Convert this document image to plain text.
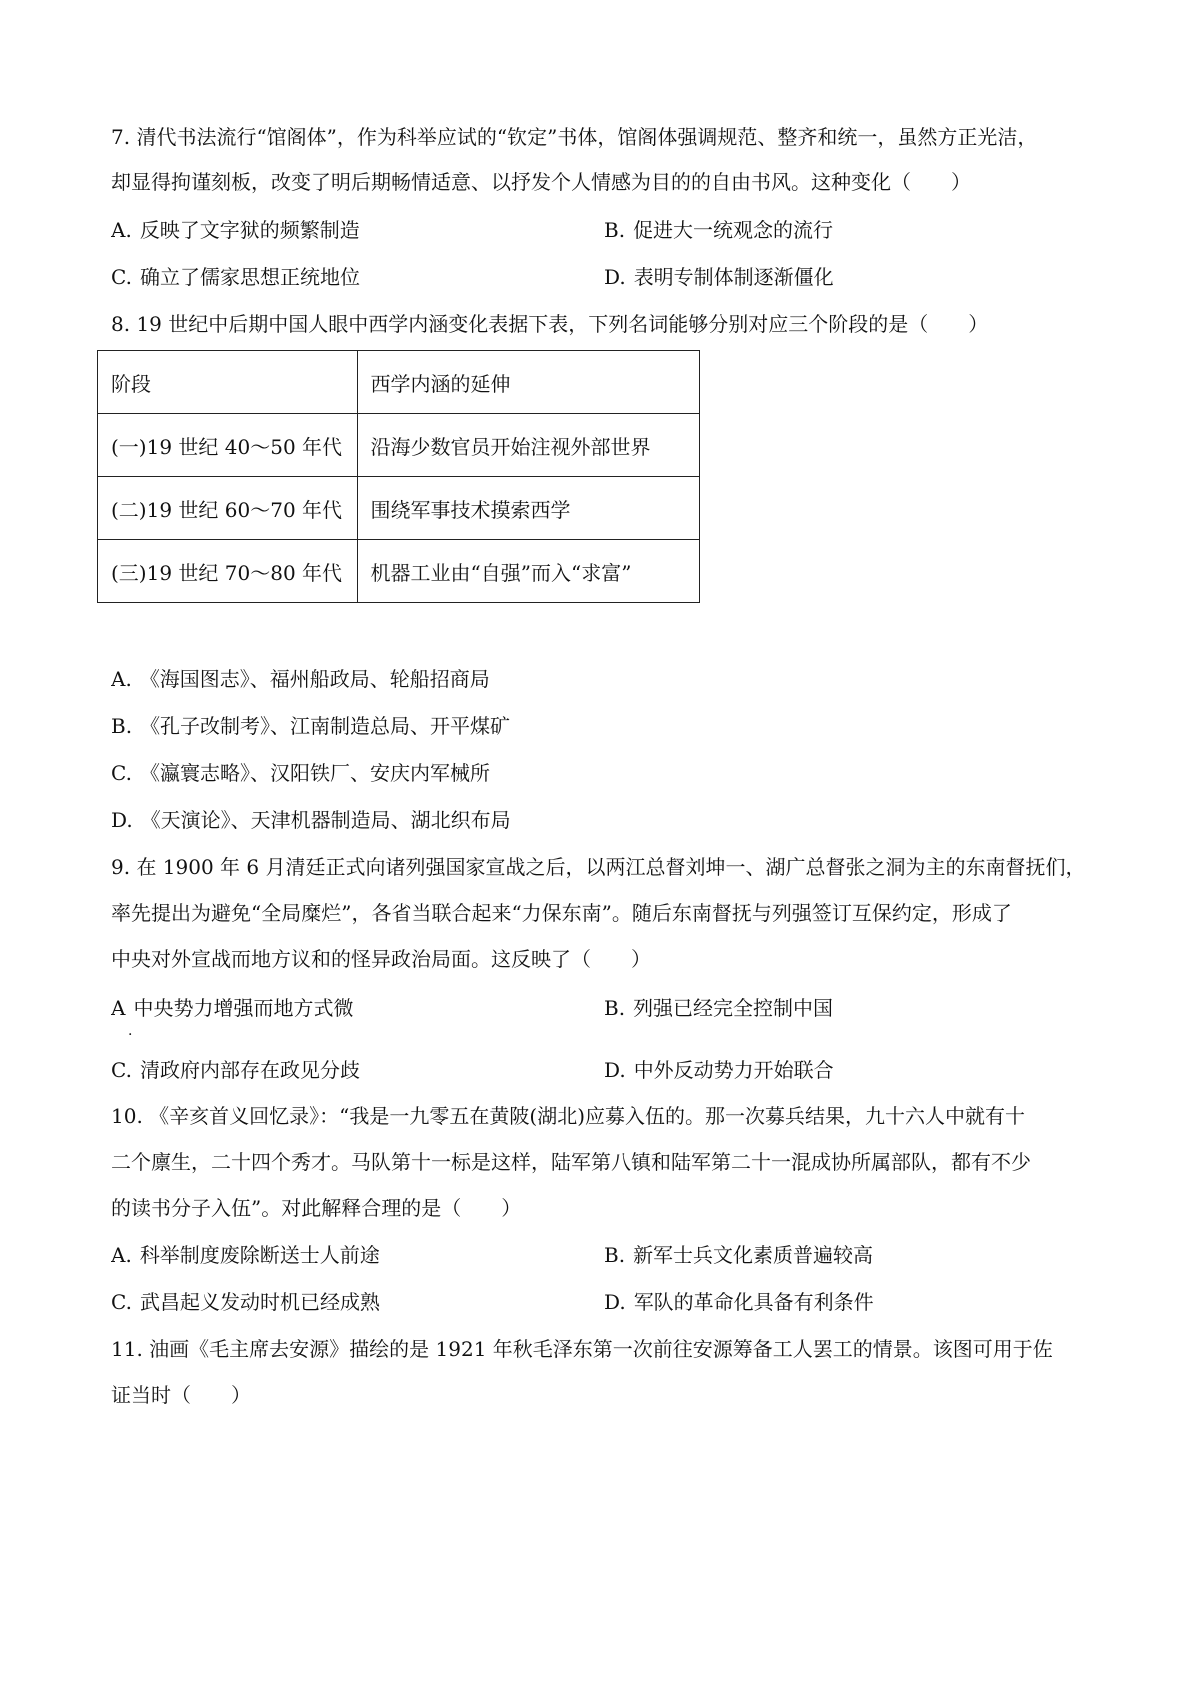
7. 清代书法流行“馆阁体”，作为科举应试的“钦定”书体，馆阁体强调规范、整齐和统一，虽然方正光洁，
却显得拘谨刻板，改变了明后期畅情适意、以抒发个人情感为目的的自由书风。这种变化（　　）
A. 反映了文字狱的频繁制造	B. 促进大一统观念的流行
C. 确立了儒家思想正统地位	D. 表明专制体制逐渐僵化
8. 19 世纪中后期中国人眼中西学内涵变化表据下表，下列名词能够分别对应三个阶段的是（　　）
阶段	西学内涵的延伸
(一)19 世纪 40～50 年代	沿海少数官员开始注视外部世界
(二)19 世纪 60～70 年代	围绕军事技术摸索西学
(三)19 世纪 70～80 年代	机器工业由“自强”而入“求富”
A. 《海国图志》、福州船政局、轮船招商局
B. 《孔子改制考》、江南制造总局、开平煤矿
C. 《瀛寰志略》、汉阳铁厂、安庆内军械所
D. 《天演论》、天津机器制造局、湖北织布局
9. 在 1900 年 6 月清廷正式向诸列强国家宣战之后，以两江总督刘坤一、湖广总督张之洞为主的东南督抚们，
率先提出为避免“全局糜烂”，各省当联合起来“力保东南”。随后东南督抚与列强签订互保约定，形成了
中央对外宣战而地方议和的怪异政治局面。这反映了（　　）
A 中央势力增强而地方式微
·
B. 列强已经完全控制中国
C. 清政府内部存在政见分歧	D. 中外反动势力开始联合
10. 《辛亥首义回忆录》：“我是一九零五在黄陂(湖北)应募入伍的。那一次募兵结果，九十六人中就有十
二个廪生，二十四个秀才。马队第十一标是这样，陆军第八镇和陆军第二十一混成协所属部队，都有不少
的读书分子入伍”。对此解释合理的是（　　）
A. 科举制度废除断送士人前途	B. 新军士兵文化素质普遍较高
C. 武昌起义发动时机已经成熟	D. 军队的革命化具备有利条件
11. 油画《毛主席去安源》描绘的是 1921 年秋毛泽东第一次前往安源筹备工人罢工的情景。该图可用于佐
证当时（　　）
